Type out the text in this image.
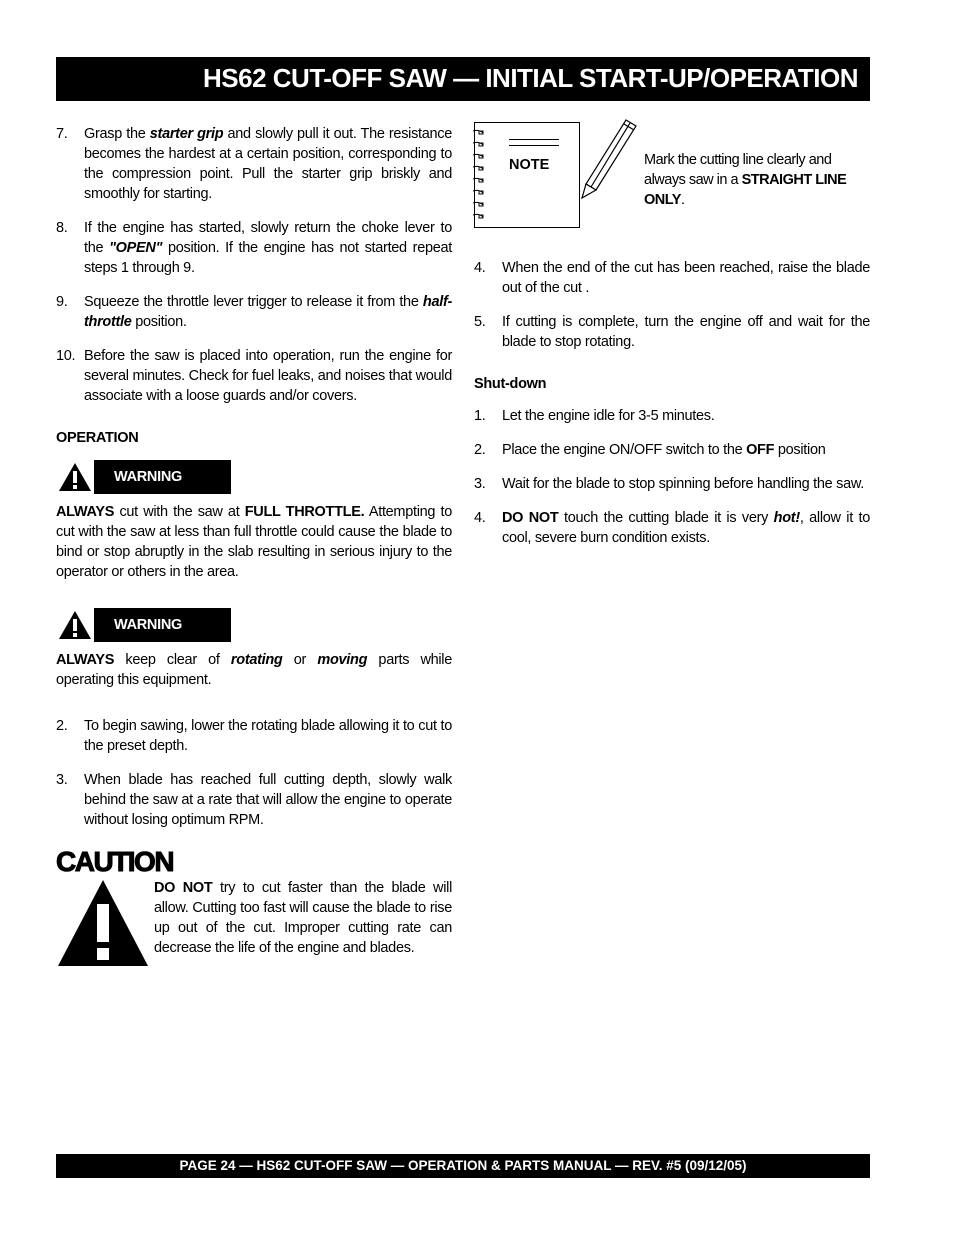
HS62 CUT-OFF SAW — INITIAL START-UP/OPERATION
7.	Grasp the starter grip and slowly pull it out. The resistance becomes the hardest at a certain position, corresponding to the compression point. Pull the starter grip briskly and smoothly for starting.
8.	If the engine has started, slowly return the choke lever to the "OPEN" position. If the engine has not started repeat steps 1 through 9.
9.	Squeeze the throttle lever trigger to release it from the half-throttle position.
10. Before the saw is placed into operation, run the engine for several minutes. Check for fuel leaks, and noises that would associate with a loose guards and/or covers.
OPERATION
WARNING
ALWAYS cut with the saw at FULL THROTTLE. Attempting to cut with the saw at less than full throttle could cause the blade to bind or stop abruptly in the slab resulting in serious injury to the operator or others in the area.
WARNING
ALWAYS keep clear of rotating or moving parts while operating this equipment.
2.	To begin sawing, lower the rotating blade allowing it to cut to the preset depth.
3.	When blade has reached full cutting depth, slowly walk behind the saw at a rate that will allow the engine to operate without losing optimum RPM.
CAUTION
DO NOT try to cut faster than the blade will allow. Cutting too fast will cause the blade to rise up out of the cut. Improper cutting rate can decrease the life of the engine and blades.
NOTE	Mark the cutting line clearly and always saw in a STRAIGHT LINE ONLY.
4.	When the end of the cut has been reached, raise the blade out of the cut .
5.	If cutting is complete, turn the engine off and wait for the blade to stop rotating.
Shut-down
1.	Let the engine idle for 3-5 minutes.
2.	Place the engine ON/OFF switch to the OFF position
3.	Wait for the blade to stop spinning before handling the saw.
4.	DO NOT touch the cutting blade it is very hot!, allow it to cool, severe burn condition exists.
PAGE 24 — HS62 CUT-OFF SAW — OPERATION & PARTS MANUAL — REV. #5 (09/12/05)
